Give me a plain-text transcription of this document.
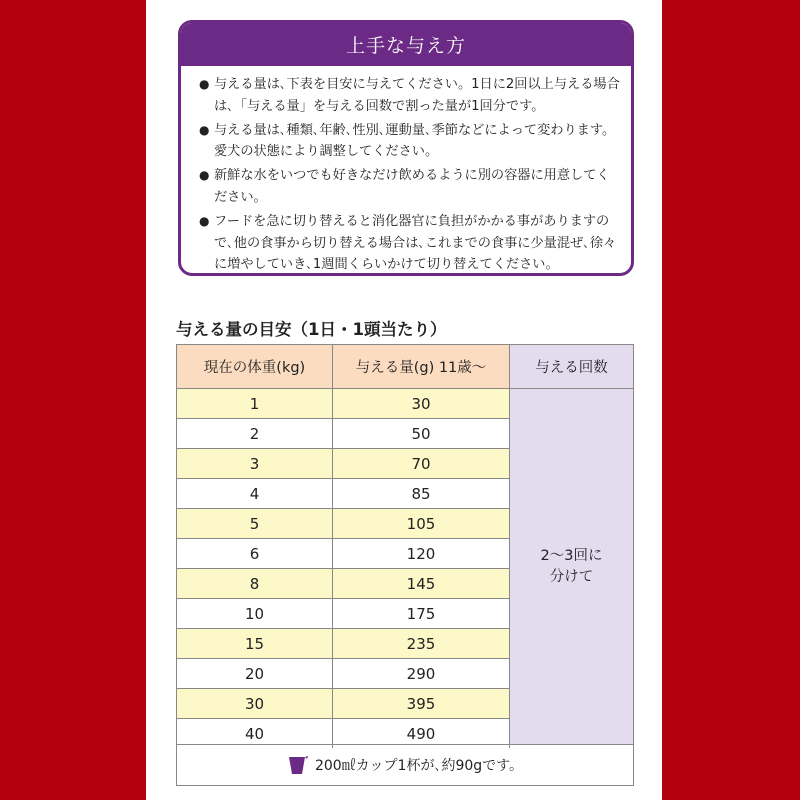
上手な与え方
● 与える量は､下表を目安に与えてください。1日に2回以上与える場合は､「与える量」を与える回数で割った量が1回分です。
● 与える量は､種類､年齢､性別､運動量､季節などによって変わります。愛犬の状態により調整してください。
● 新鮮な水をいつでも好きなだけ飲めるように別の容器に用意してください。
● フードを急に切り替えると消化器官に負担がかかる事がありますので､他の食事から切り替える場合は､これまでの食事に少量混ぜ､徐々に増やしていき､1週間くらいかけて切り替えてください。
与える量の目安（1日・1頭当たり）
現在の体重(kg)	与える量(g) 11歳～	与える回数
1	30
2	50
3	70
4	85
5	105
6	120
8	145
10	175
15	235
20	290
30	395
40	490
2～3回に
分けて
200㎖カップ1杯が､約90gです。
